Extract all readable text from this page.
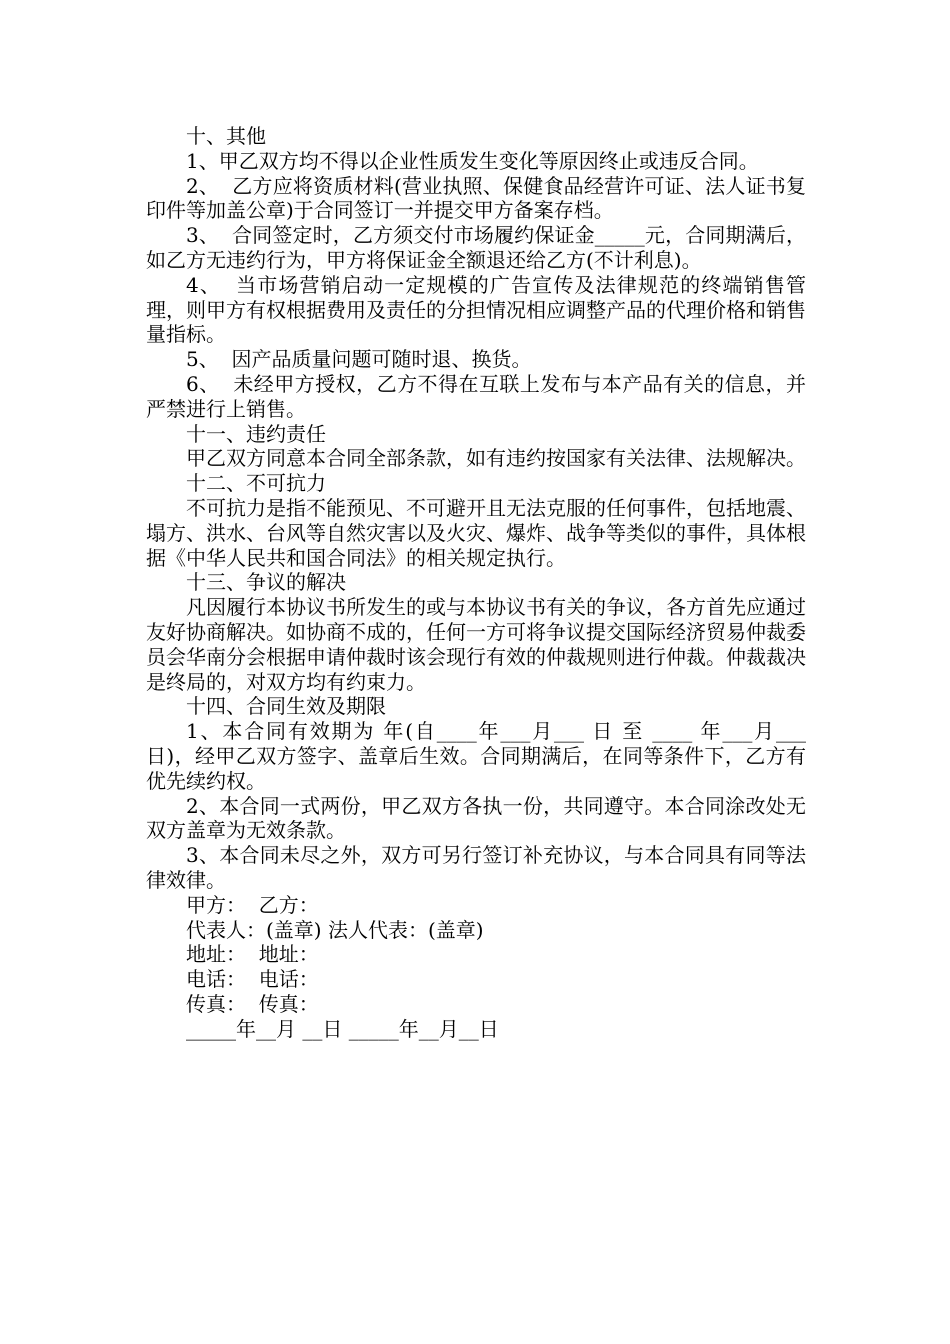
十、其他

1、甲乙双方均不得以企业性质发生变化等原因终止或违反合同。

2、  乙方应将资质材料(营业执照、保健食品经营许可证、法人证书复印件等加盖公章)于合同签订一并提交甲方备案存档。

3、  合同签定时，乙方须交付市场履约保证金_____元，合同期满后，如乙方无违约行为，甲方将保证金全额退还给乙方(不计利息)。

4、  当市场营销启动一定规模的广告宣传及法律规范的终端销售管理，则甲方有权根据费用及责任的分担情况相应调整产品的代理价格和销售量指标。

5、  因产品质量问题可随时退、换货。

6、  未经甲方授权，乙方不得在互联上发布与本产品有关的信息，并严禁进行上销售。

十一、违约责任

甲乙双方同意本合同全部条款，如有违约按国家有关法律、法规解决。

十二、不可抗力

不可抗力是指不能预见、不可避开且无法克服的任何事件，包括地震、塌方、洪水、台风等自然灾害以及火灾、爆炸、战争等类似的事件，具体根据《中华人民共和国合同法》的相关规定执行。

十三、争议的解决

凡因履行本协议书所发生的或与本协议书有关的争议，各方首先应通过友好协商解决。如协商不成的，任何一方可将争议提交国际经济贸易仲裁委员会华南分会根据申请仲裁时该会现行有效的仲裁规则进行仲裁。仲裁裁决是终局的，对双方均有约束力。

十四、合同生效及期限

1、本合同有效期为 年(自____年___月___ 日 至 ____ 年___月___ 日)，经甲乙双方签字、盖章后生效。合同期满后，在同等条件下，乙方有优先续约权。

2、本合同一式两份，甲乙双方各执一份，共同遵守。本合同涂改处无双方盖章为无效条款。

3、本合同未尽之外，双方可另行签订补充协议，与本合同具有同等法律效律。

甲方：  乙方：

代表人：(盖章) 法人代表：(盖章)

地址：  地址：

电话：  电话：

传真：  传真：

_____年__月 __日 _____年__月__日
